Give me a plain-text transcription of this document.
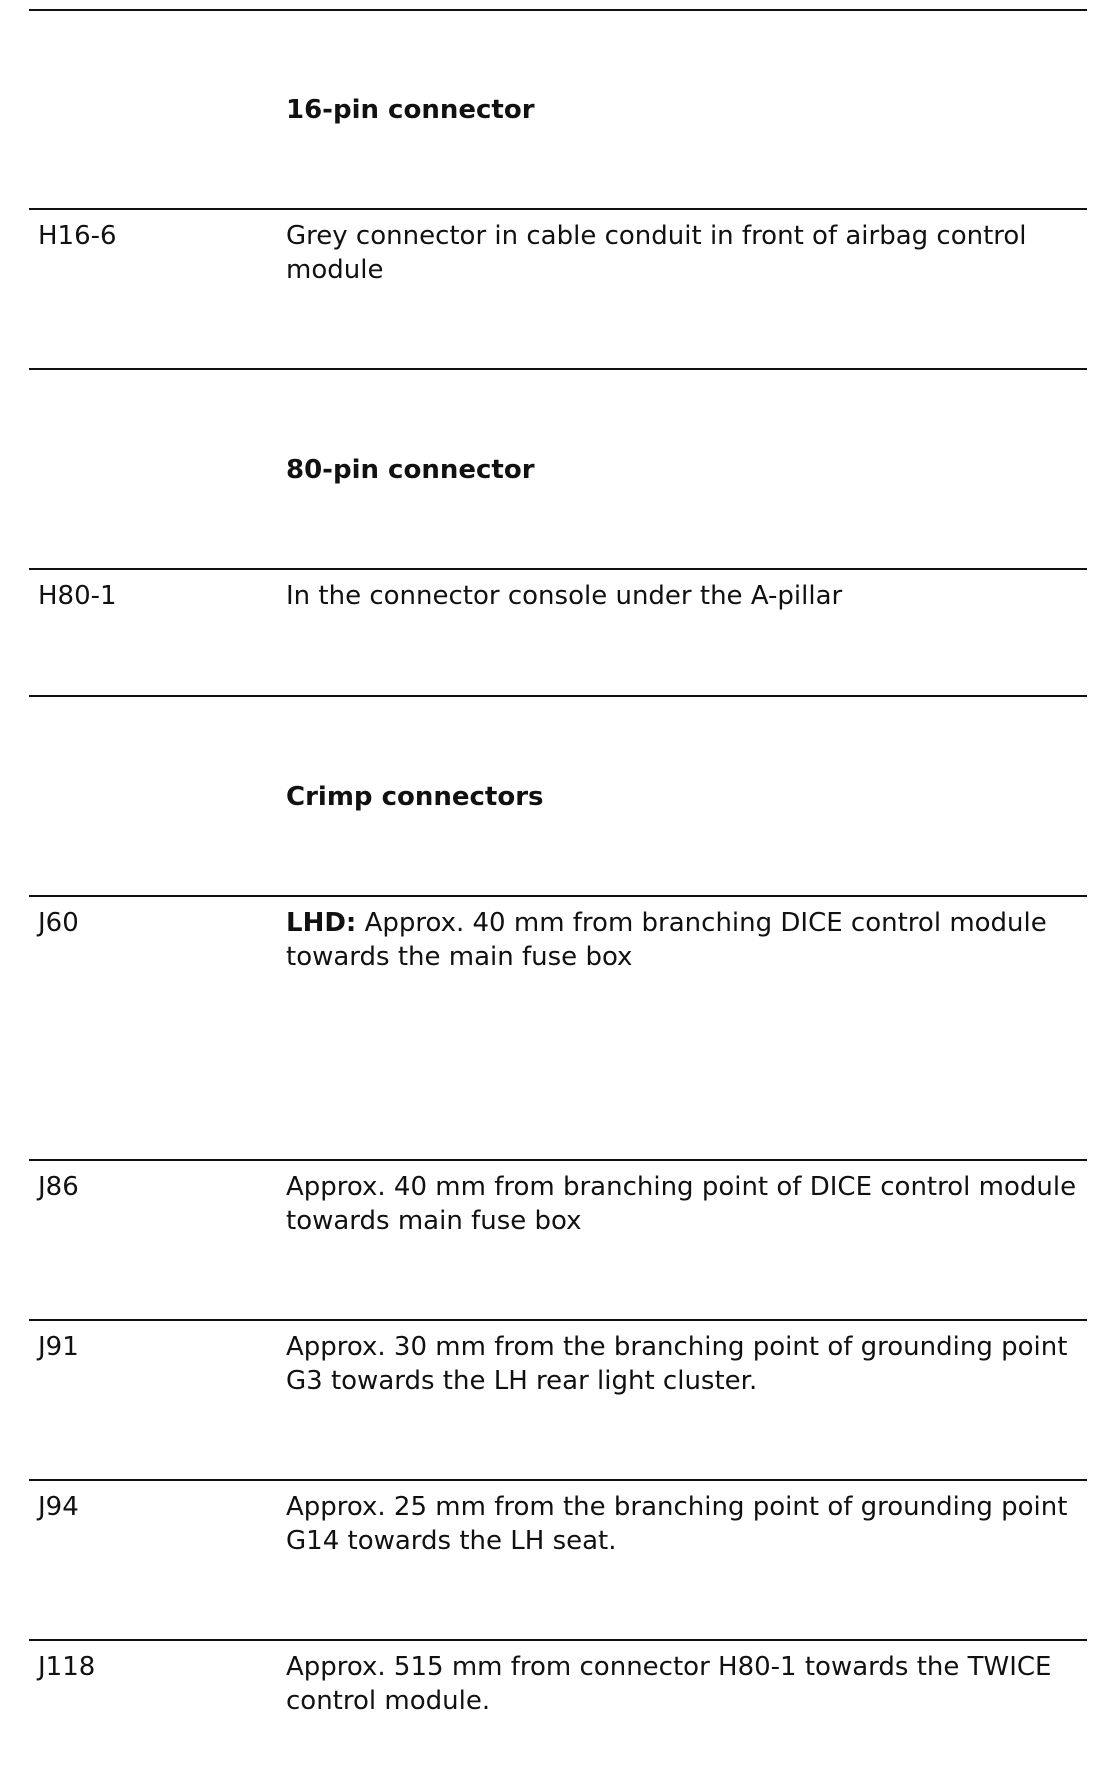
16-pin connector
H16-6	Grey connector in cable conduit in front of airbag control module
80-pin connector
H80-1	In the connector console under the A-pillar
Crimp connectors
J60	LHD: Approx. 40 mm from branching DICE control module towards the main fuse box
J86	Approx. 40 mm from branching point of DICE control module towards main fuse box
J91	Approx. 30 mm from the branching point of grounding point G3 towards the LH rear light cluster.
J94	Approx. 25 mm from the branching point of grounding point G14 towards the LH seat.
J118	Approx. 515 mm from connector H80-1 towards the TWICE control module.
